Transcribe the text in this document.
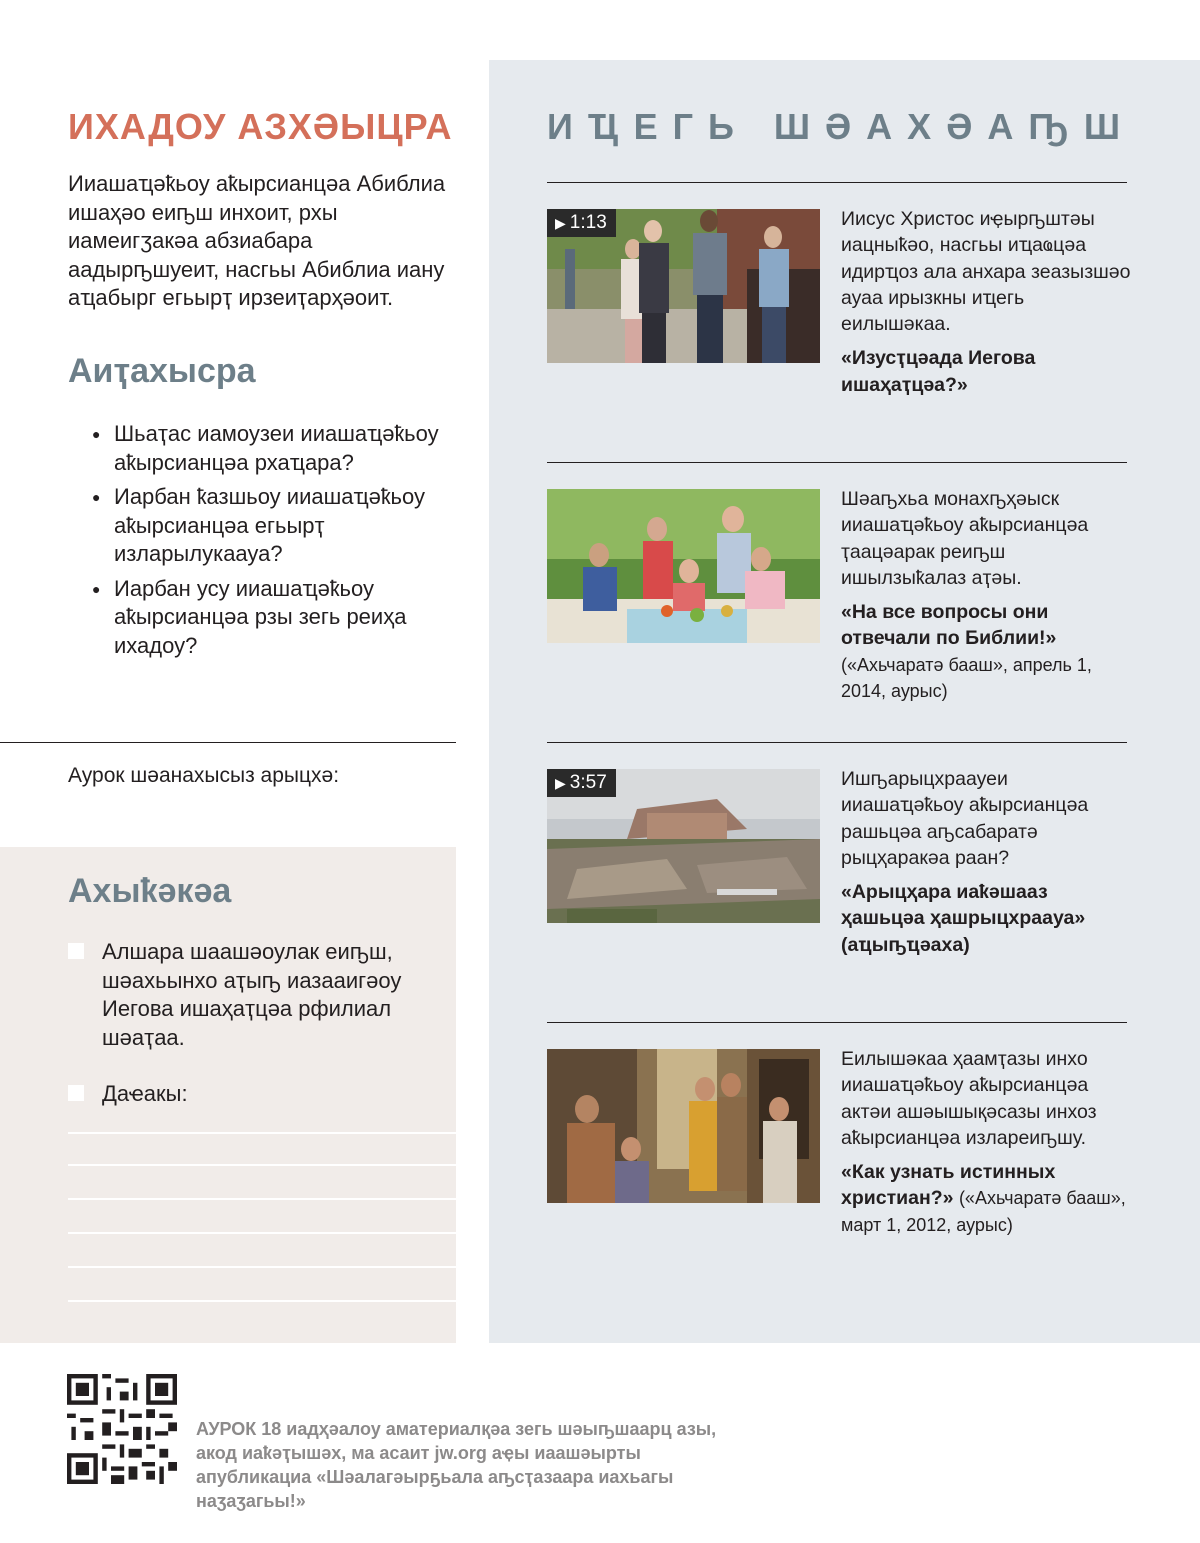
ИХАДОУ АЗХӘЫЦРА

Ииашаҵәҟьоу аҟырсианцәа Абиблиа ишаҳәо еиҧш инхоит, рхы иамеигӡакәа абзиабара аадырҧшуеит, насгьы Абиблиа иану аҵабырг егьырҭ ирзеиҭарҳәоит.

Аиҭахысра
● Шьаҭас иамоузеи ииашаҵәҟьоу аҟырсианцәа рхаҵара?
● Иарбан ҟазшьоу ииашаҵәҟьоу аҟырсианцәа егьырҭ изларылукаауа?
● Иарбан усу ииашаҵәҟьоу аҟырсианцәа рзы зегь реиҳа ихадоу?
Аурок шәанахысыз арыцхә:
Ахыҟәкәа
Алшара шаашәоулак еиҧш, шәахьынхо аҭыҧ иазааигәоу Иегова ишаҳаҭцәа рфилиал шәаҭаа.
Даҽакы:
ИҴЕГЬ ШӘАХӘАҦШ
▶ 1:13	Иисус Христос иҿырҧштәы иацныҟәо, насгьы иҵаҩцәа идирҵоз ала анхара зеазызшәо ауаа ирызкны иҵегь еилышәкаа.
«Изусҭцәада Иегова ишаҳаҭцәа?»
Шәаҧхьа монахҧҳәыск ииашаҵәҟьоу аҟырсианцәа ҭаацәарак реиҧш ишылзыҟалаз аҭәы.
«На все вопросы они отвечали по Библии!»
(«Ахьчаратә бааш», апрель 1, 2014, аурыс)
▶ 3:57	Ишҧарыцхраауеи ииашаҵәҟьоу аҟырсианцәа рашьцәа аҧсабаратә рыцҳаракәа раан?
«Арыцҳара иаҟәшааз ҳашьцәа ҳашрыцхраауа» (аҵыҧҵәаха)
Еилышәкаа ҳаамҭазы инхо ииашаҵәҟьоу аҟырсианцәа актәи ашәышықәсазы инхоз аҟырсианцәа излареиҧшу.
«Как узнать истинных христиан?» («Ахьчаратә бааш», март 1, 2012, аурыс)

АУРОК 18 иадҳәалоу аматериалқәа зегь шәыҧшаарц азы, акод иаҟәҭышәх, ма асаит jw.org аҿы иаашәырты апубликациа «Шәалагәырҕьала аҧсҭазаара иахьагы наӡаӡагьы!»
